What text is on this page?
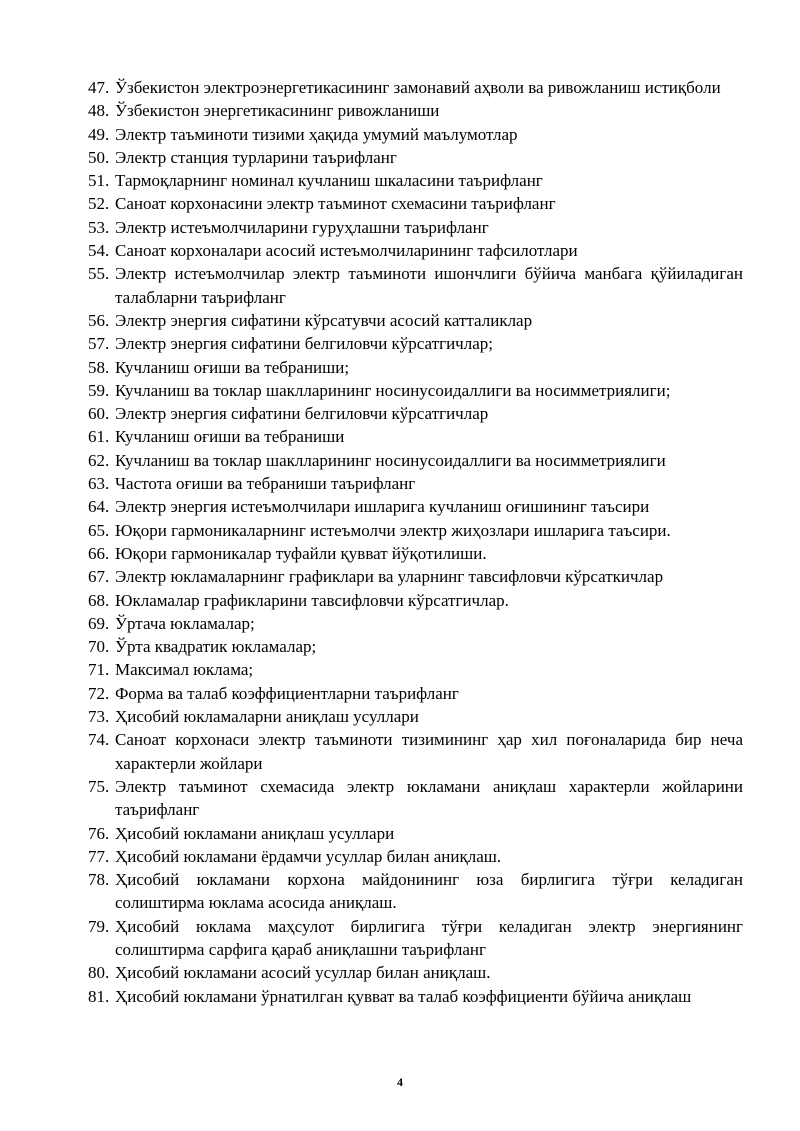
47. Ўзбекистон электроэнергетикасининг замонавий аҳволи ва ривожланиш истиқболи
48. Ўзбекистон энергетикасининг ривожланиши
49. Электр таъминоти тизими ҳақида умумий маълумотлар
50. Электр станция турларини таърифланг
51. Тармоқларнинг номинал кучланиш шкаласини таърифланг
52. Саноат корхонасини электр таъминот схемасини таърифланг
53. Электр истеъмолчиларини гуруҳлашни таърифланг
54. Саноат корхоналари асосий истеъмолчиларининг тафсилотлари
55. Электр истеъмолчилар электр таъминоти ишончлиги бўйича манбага қўйиладиган талабларни таърифланг
56. Электр энергия сифатини кўрсатувчи асосий катталиклар
57. Электр энергия сифатини белгиловчи кўрсатгичлар;
58. Кучланиш оғиши ва тебраниши;
59. Кучланиш ва токлар шаклларининг носинусоидаллиги ва носимметриялиги;
60. Электр энергия сифатини белгиловчи кўрсатгичлар
61. Кучланиш оғиши ва тебраниши
62. Кучланиш ва токлар шаклларининг носинусоидаллиги ва носимметриялиги
63. Частота оғиши ва тебраниши таърифланг
64. Электр энергия истеъмолчилари ишларига кучланиш оғишининг таъсири
65. Юқори гармоникаларнинг истеъмолчи электр жиҳозлари ишларига таъсири.
66. Юқори гармоникалар туфайли қувват йўқотилиши.
67. Электр юкламаларнинг графиклари ва уларнинг тавсифловчи кўрсаткичлар
68. Юкламалар графикларини тавсифловчи кўрсатгичлар.
69. Ўртача юкламалар;
70. Ўрта квадратик юкламалар;
71. Максимал юклама;
72. Форма ва талаб коэффициентларни таърифланг
73. Ҳисобий юкламаларни аниқлаш усуллари
74. Саноат корхонаси электр таъминоти тизимининг ҳар хил поғоналарида бир неча характерли жойлари
75. Электр таъминот схемасида электр юкламани аниқлаш характерли жойларини таърифланг
76. Ҳисобий юкламани аниқлаш усуллари
77. Ҳисобий юкламани ёрдамчи усуллар билан аниқлаш.
78. Ҳисобий юкламани корхона майдонининг юза бирлигига тўғри келадиган солиштирма юклама асосида аниқлаш.
79. Ҳисобий юклама маҳсулот бирлигига тўғри келадиган электр энергиянинг солиштирма сарфига қараб аниқлашни таърифланг
80. Ҳисобий юкламани асосий усуллар билан аниқлаш.
81. Ҳисобий юкламани ўрнатилган қувват ва талаб коэффициенти бўйича аниқлаш
4
